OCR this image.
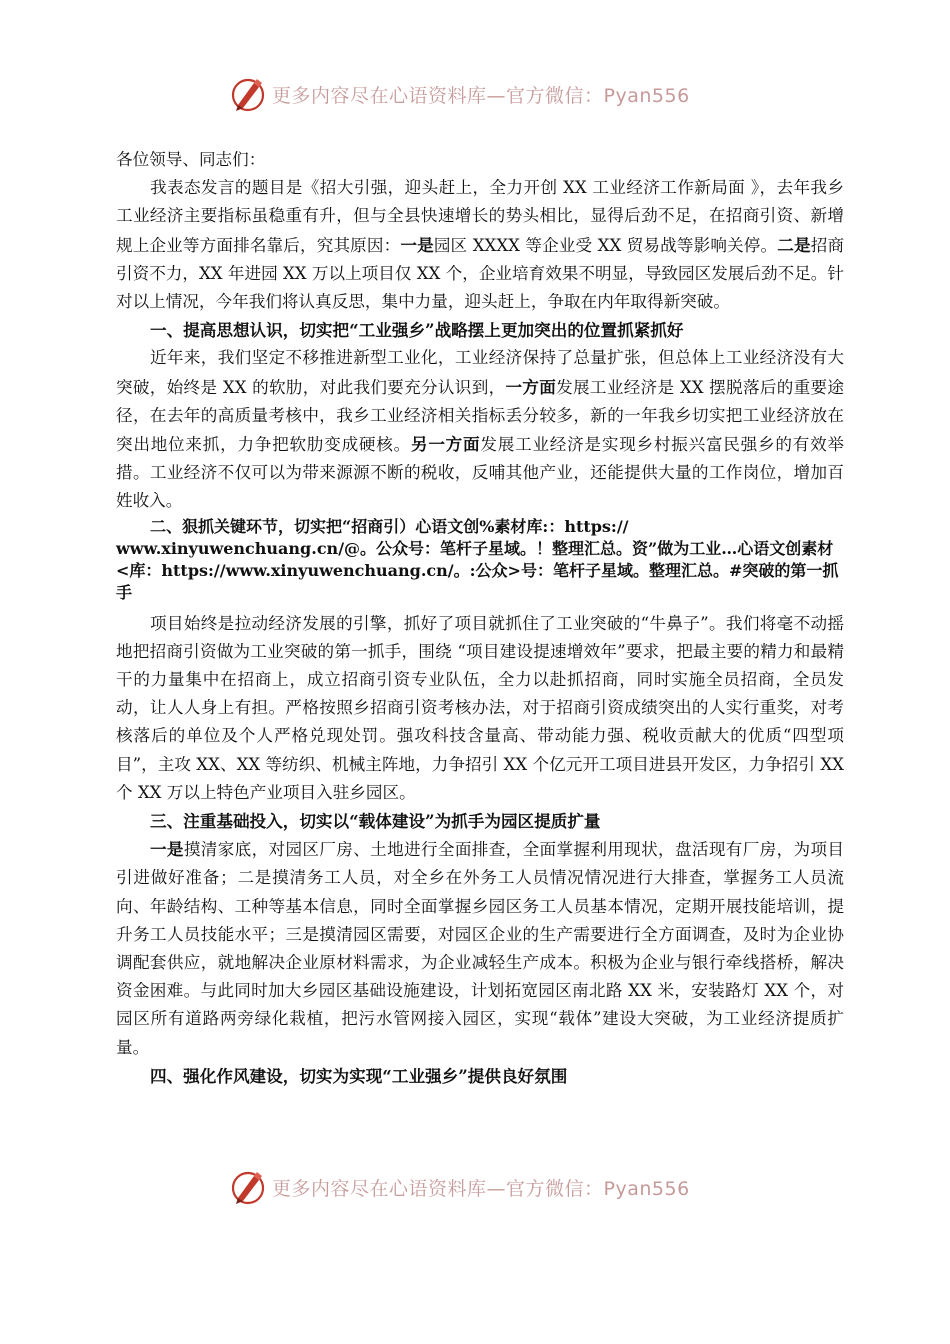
更多内容尽在心语资料库—官方微信：Pyan556

各位领导、同志们：

我表态发言的题目是《招大引强，迎头赶上，全力开创 XX 工业经济工作新局面 》，去年我乡工业经济主要指标虽稳重有升，但与全县快速增长的势头相比，显得后劲不足，在招商引资、新增规上企业等方面排名靠后，究其原因：一是园区 XXXX 等企业受 XX 贸易战等影响关停。二是招商引资不力，XX 年进园 XX 万以上项目仅 XX 个，企业培育效果不明显，导致园区发展后劲不足。针对以上情况，今年我们将认真反思，集中力量，迎头赶上，争取在内年取得新突破。

一、提高思想认识，切实把“工业强乡”战略摆上更加突出的位置抓紧抓好

近年来，我们坚定不移推进新型工业化，工业经济保持了总量扩张，但总体上工业经济没有大突破，始终是 XX 的软肋，对此我们要充分认识到，一方面发展工业经济是 XX 摆脱落后的重要途径，在去年的高质量考核中，我乡工业经济相关指标丢分较多，新的一年我乡切实把工业经济放在突出地位来抓，力争把软肋变成硬核。另一方面发展工业经济是实现乡村振兴富民强乡的有效举措。工业经济不仅可以为带来源源不断的税收，反哺其他产业，还能提供大量的工作岗位，增加百姓收入。

二、狠抓关键环节，切实把“招商引）心语文创%素材库:：https://
www.xinyuwenchuang.cn/@。公众号：笔杆子星域。！整理汇总。资”做为工业…心语文创素材<库：https://www.xinyuwenchuang.cn/。:公众>号：笔杆子星域。整理汇总。#突破的第一抓手

项目始终是拉动经济发展的引擎，抓好了项目就抓住了工业突破的“牛鼻子”。我们将毫不动摇地把招商引资做为工业突破的第一抓手，围绕 “项目建设提速增效年”要求，把最主要的精力和最精干的力量集中在招商上，成立招商引资专业队伍，全力以赴抓招商，同时实施全员招商，全员发动，让人人身上有担。严格按照乡招商引资考核办法，对于招商引资成绩突出的人实行重奖，对考核落后的单位及个人严格兑现处罚。强攻科技含量高、带动能力强、税收贡献大的优质“四型项目”，主攻 XX、XX 等纺织、机械主阵地，力争招引 XX 个亿元开工项目进县开发区，力争招引 XX 个 XX 万以上特色产业项目入驻乡园区。

三、注重基础投入，切实以“载体建设”为抓手为园区提质扩量

一是摸清家底，对园区厂房、土地进行全面排查，全面掌握利用现状，盘活现有厂房，为项目引进做好准备；二是摸清务工人员，对全乡在外务工人员情况情况进行大排查，掌握务工人员流向、年龄结构、工种等基本信息，同时全面掌握乡园区务工人员基本情况，定期开展技能培训，提升务工人员技能水平；三是摸清园区需要，对园区企业的生产需要进行全方面调查，及时为企业协调配套供应，就地解决企业原材料需求，为企业减轻生产成本。积极为企业与银行牵线搭桥，解决资金困难。与此同时加大乡园区基础设施建设，计划拓宽园区南北路 XX 米，安装路灯 XX 个，对园区所有道路两旁绿化栽植，把污水管网接入园区，实现“载体”建设大突破，为工业经济提质扩量。

四、强化作风建设，切实为实现“工业强乡”提供良好氛围

更多内容尽在心语资料库—官方微信：Pyan556
